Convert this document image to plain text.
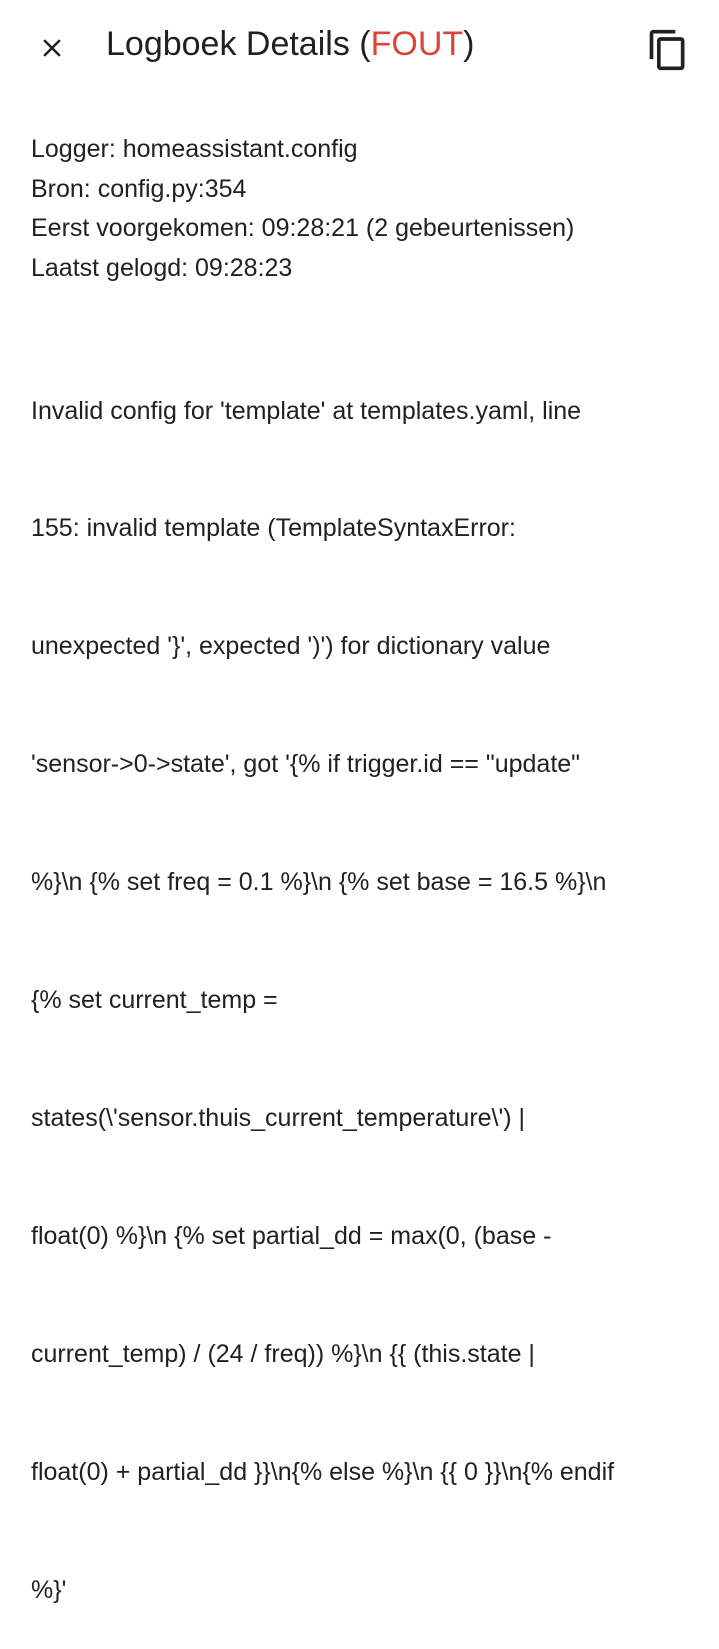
Logboek Details (FOUT)
Logger: homeassistant.config
Bron: config.py:354
Eerst voorgekomen: 09:28:21 (2 gebeurtenissen)
Laatst gelogd: 09:28:23

Invalid config for 'template' at templates.yaml, line

155: invalid template (TemplateSyntaxError:

unexpected '}', expected ')') for dictionary value

'sensor->0->state', got '{% if trigger.id == "update"

%}\n {% set freq = 0.1 %}\n {% set base = 16.5 %}\n

{% set current_temp =

states(\'sensor.thuis_current_temperature\') |

float(0) %}\n {% set partial_dd = max(0, (base -

current_temp) / (24 / freq)) %}\n {{ (this.state |

float(0) + partial_dd }}\n{% else %}\n {{ 0 }}\n{% endif

%}'
